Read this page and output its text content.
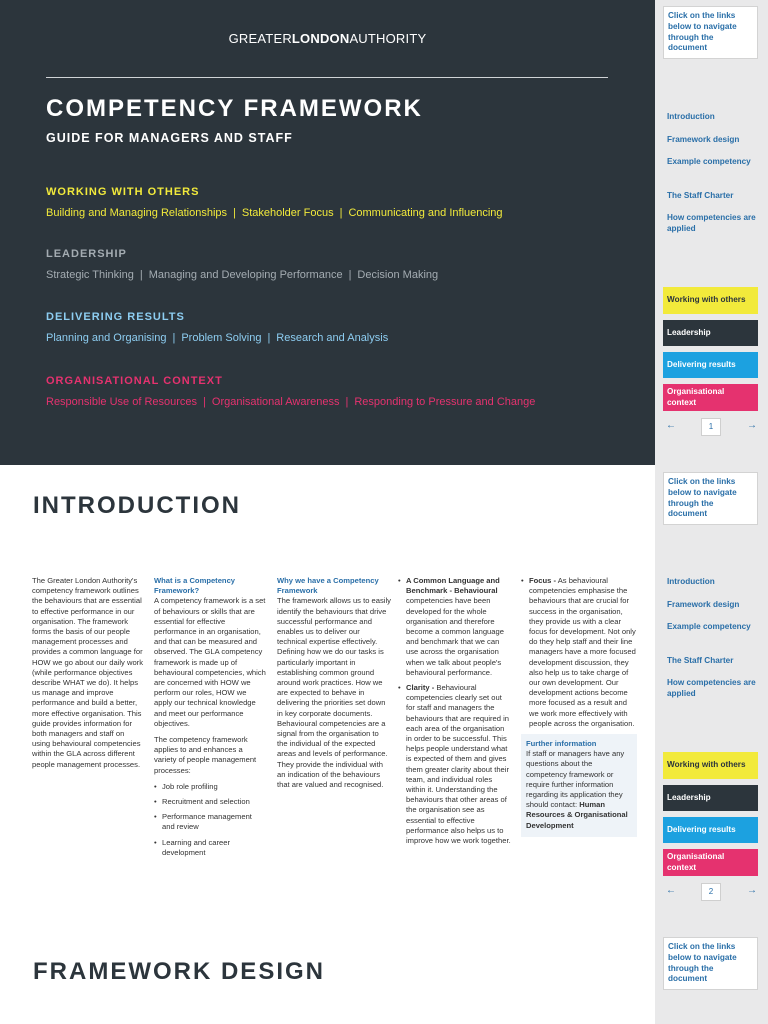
GREATERLONDONAUTHORITY
COMPETENCY FRAMEWORK
GUIDE FOR MANAGERS AND STAFF
WORKING WITH OTHERS
Building and Managing Relationships | Stakeholder Focus | Communicating and Influencing
LEADERSHIP
Strategic Thinking | Managing and Developing Performance | Decision Making
DELIVERING RESULTS
Planning and Organising | Problem Solving | Research and Analysis
ORGANISATIONAL CONTEXT
Responsible Use of Resources | Organisational Awareness | Responding to Pressure and Change
INTRODUCTION

The Greater London Authority's competency framework outlines the behaviours that are essential to effective performance in our organisation. The framework forms the basis of our people management processes and provides a common language for HOW we go about our daily work (while performance objectives describe WHAT we do). It helps us manage and improve performance and build a better, more effective organisation. This guide provides information for both managers and staff on using behavioural competencies within the GLA across different people management processes.

What is a Competency Framework?

A competency framework is a set of behaviours or skills that are essential for effective performance in an organisation, and that can be measured and observed. The GLA competency framework is made up of behavioural competencies, which are concerned with HOW we perform our roles, HOW we apply our technical knowledge and meet our performance objectives.

The competency framework applies to and enhances a variety of people management processes:

• Job role profiling
• Recruitment and selection
• Performance management and review
• Learning and career development
Why we have a Competency Framework

The framework allows us to easily identify the behaviours that drive successful performance and enables us to deliver our technical expertise effectively. Defining how we do our tasks is particularly important in establishing common ground around work practices. How we are expected to behave in delivering the priorities set down in key corporate documents. Behavioural competencies are a signal from the organisation to the individual of the expected areas and levels of performance. They provide the individual with an indication of the behaviours that are valued and recognised.

• A Common Language and Benchmark - Behavioural competencies have been developed for the whole organisation and therefore become a common language and benchmark that we can use across the organisation when we talk about people's behavioural performance.
• Clarity - Behavioural competencies clearly set out for staff and managers the behaviours that are required in each area of the organisation in order to be successful. This helps people understand what is expected of them and gives them greater clarity about their team, and individual roles within it. Understanding the behaviours that other areas of the organisation see as essential to effective performance also helps us to improve how we work together.
• Focus - As behavioural competencies emphasise the behaviours that are crucial for success in the organisation, they provide us with a clear focus for development. Not only do they help staff and their line managers have a more focused development discussion, they also help us to take charge of our own development. Our development actions become more focused as a result and we work more effectively with people across the organisation.
Further information

If staff or managers have any questions about the competency framework or require further information regarding its application they should contact: Human Resources & Organisational Development

FRAMEWORK DESIGN
Click on the links below to navigate through the document
Introduction
Framework design
Example competency
The Staff Charter
How competencies are applied
Working with others
Leadership
Delivering results
Organisational context
←	1	→
Click on the links below to navigate through the document
Introduction
Framework design
Example competency
The Staff Charter
How competencies are applied
Working with others
Leadership
Delivering results
Organisational context
←	2	→
Click on the links below to navigate through the document
